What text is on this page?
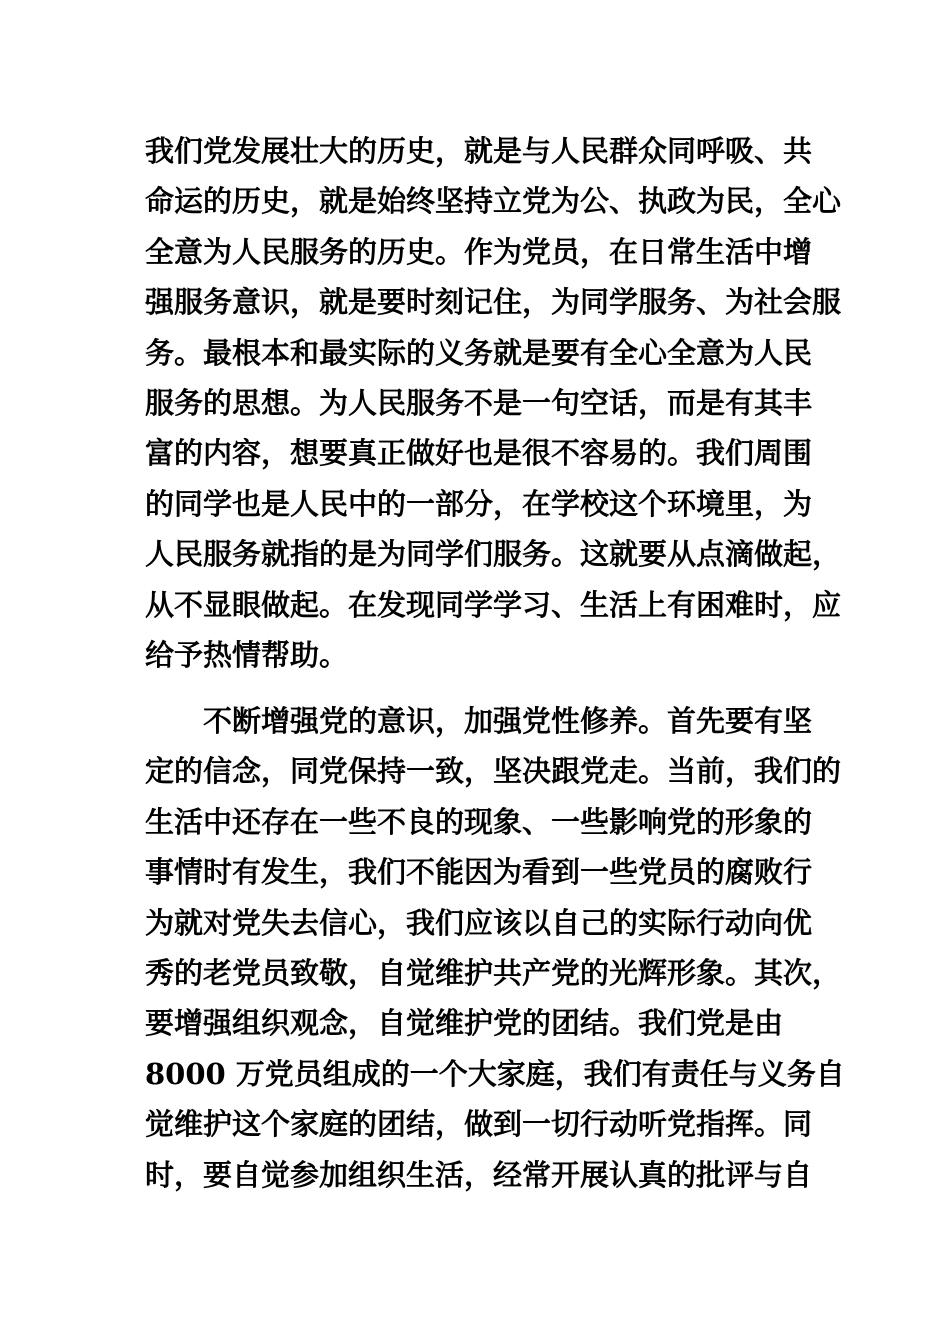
我们党发展壮大的历史，就是与人民群众同呼吸、共
命运的历史，就是始终坚持立党为公、执政为民，全心
全意为人民服务的历史。作为党员，在日常生活中增
强服务意识，就是要时刻记住，为同学服务、为社会服
务。最根本和最实际的义务就是要有全心全意为人民
服务的思想。为人民服务不是一句空话，而是有其丰
富的内容，想要真正做好也是很不容易的。我们周围
的同学也是人民中的一部分，在学校这个环境里，为
人民服务就指的是为同学们服务。这就要从点滴做起，
从不显眼做起。在发现同学学习、生活上有困难时，应
给予热情帮助。
　　不断增强党的意识，加强党性修养。首先要有坚
定的信念，同党保持一致，坚决跟党走。当前，我们的
生活中还存在一些不良的现象、一些影响党的形象的
事情时有发生，我们不能因为看到一些党员的腐败行
为就对党失去信心，我们应该以自己的实际行动向优
秀的老党员致敬，自觉维护共产党的光辉形象。其次，
要增强组织观念，自觉维护党的团结。我们党是由
8000 万党员组成的一个大家庭，我们有责任与义务自
觉维护这个家庭的团结，做到一切行动听党指挥。同
时，要自觉参加组织生活，经常开展认真的批评与自
